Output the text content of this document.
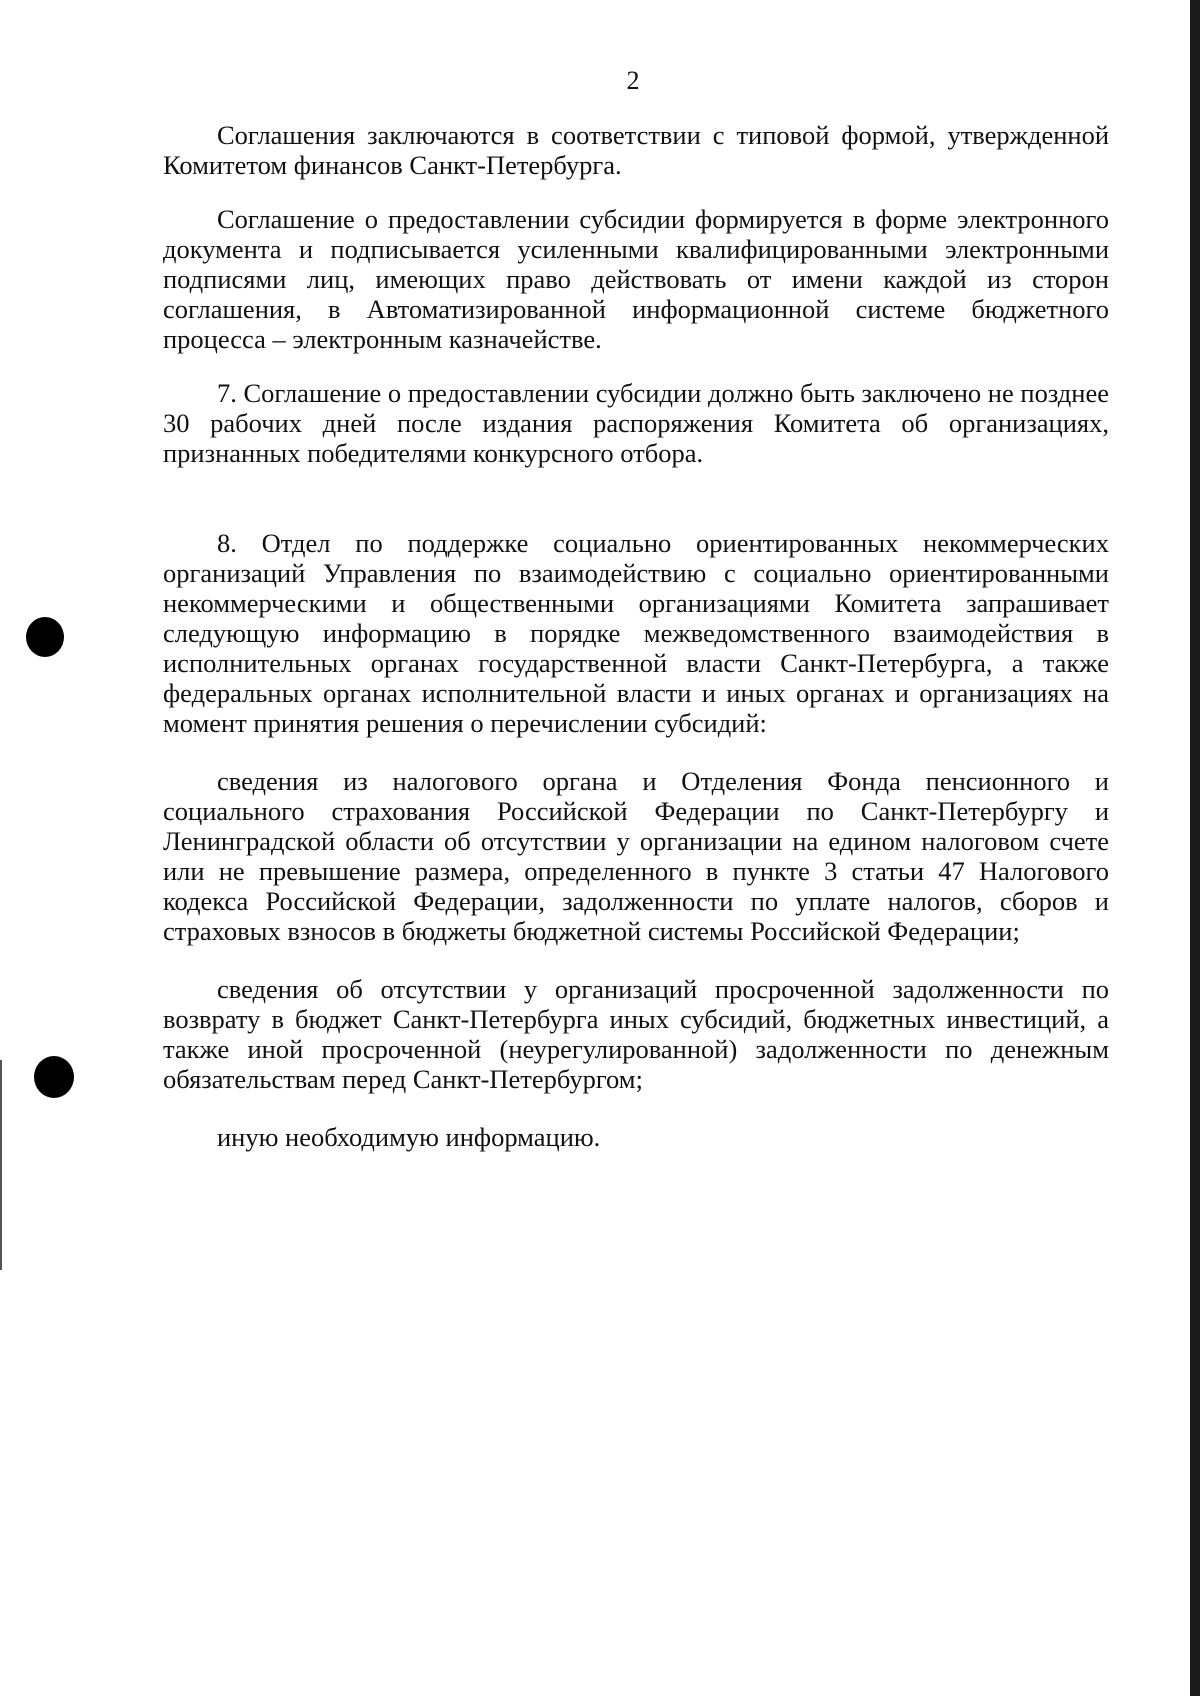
2

Соглашения заключаются в соответствии с типовой формой, утвержденной Комитетом финансов Санкт-Петербурга.

Соглашение о предоставлении субсидии формируется в форме электронного документа и подписывается усиленными квалифицированными электронными подписями лиц, имеющих право действовать от имени каждой из сторон соглашения, в Автоматизированной информационной системе бюджетного процесса – электронным казначействе.

7. Соглашение о предоставлении субсидии должно быть заключено не позднее 30 рабочих дней после издания распоряжения Комитета об организациях, признанных победителями конкурсного отбора.

8. Отдел по поддержке социально ориентированных некоммерческих организаций Управления по взаимодействию с социально ориентированными некоммерческими и общественными организациями Комитета запрашивает следующую информацию в порядке межведомственного взаимодействия в исполнительных органах государственной власти Санкт-Петербурга, а также федеральных органах исполнительной власти и иных органах и организациях на момент принятия решения о перечислении субсидий:

сведения из налогового органа и Отделения Фонда пенсионного и социального страхования Российской Федерации по Санкт-Петербургу и Ленинградской области об отсутствии у организации на едином налоговом счете или не превышение размера, определенного в пункте 3 статьи 47 Налогового кодекса Российской Федерации, задолженности по уплате налогов, сборов и страховых взносов в бюджеты бюджетной системы Российской Федерации;

сведения об отсутствии у организаций просроченной задолженности по возврату в бюджет Санкт-Петербурга иных субсидий, бюджетных инвестиций, а также иной просроченной (неурегулированной) задолженности по денежным обязательствам перед Санкт-Петербургом;

иную необходимую информацию.
